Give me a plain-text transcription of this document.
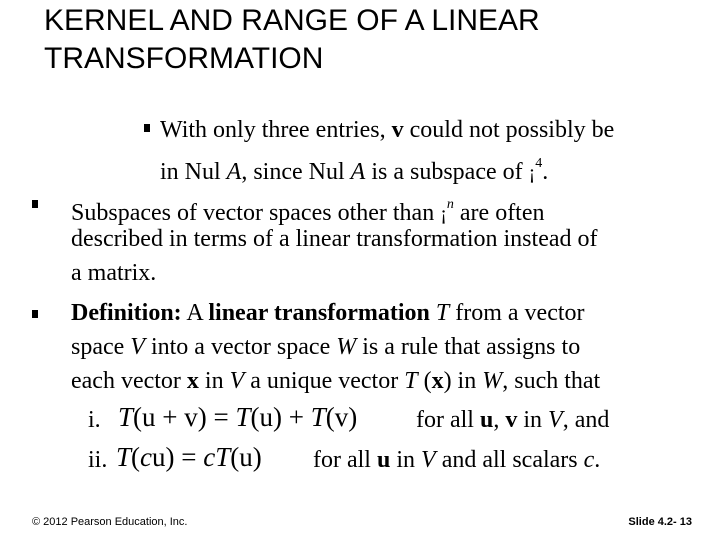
KERNEL AND RANGE OF A LINEAR TRANSFORMATION
With only three entries, v could not possibly be
in Nul A, since Nul A is a subspace of ¡$^4$.
Subspaces of vector spaces other than ¡$^n$ are often
described in terms of a linear transformation instead of
a matrix.
Definition: A linear transformation T from a vector
space V into a vector space W is a rule that assigns to
each vector x in V a unique vector T (x) in W, such that
i. T(u + v) = T(u) + T(v) for all u, v in V, and
ii. T(cu) = cT(u) for all u in V and all scalars c.
© 2012 Pearson Education, Inc.	Slide 4.2- 13
